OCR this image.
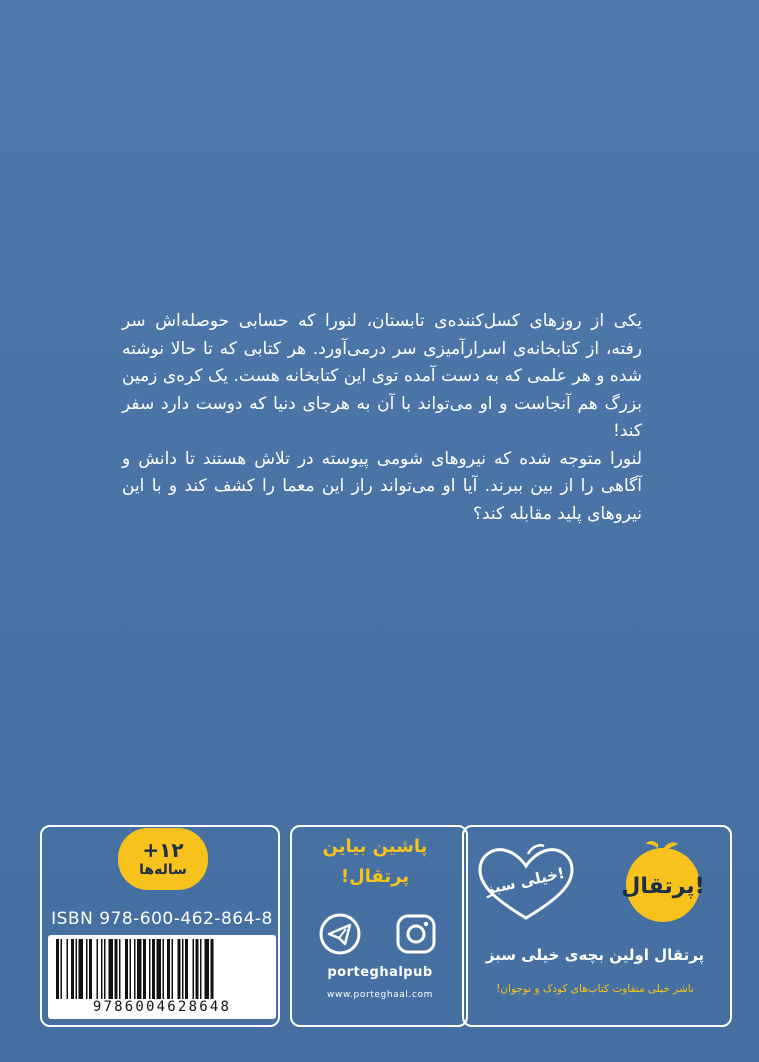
یکی از روزهای کسل‌کننده‌ی تابستان، لنورا که حسابی حوصله‌اش سر رفته، از کتابخانه‌ی اسرارآمیزی سر درمی‌آورد. هر کتابی که تا حالا نوشته شده و هر علمی که به دست آمده توی این کتابخانه هست. یک کره‌ی زمین بزرگ هم آنجاست و او می‌تواند با آن به هرجای دنیا که دوست دارد سفر کند!

لنورا متوجه شده که نیروهای شومی پیوسته در تلاش هستند تا دانش و آگاهی را از بین ببرند. آیا او می‌تواند راز این معما را کشف کند و با این نیروهای پلید مقابله کند؟

+۱۲
ساله‌ها
ISBN 978-600-462-864-8
9786004628648
پاشین بیاین
پرتقال!
porteghalpub
www.porteghaal.com
پرتقال!
خیلی سبز!
پرتقال اولین بچه‌ی خیلی سبز
ناشر خیلی متفاوت کتاب‌های کودک و نوجوان!
